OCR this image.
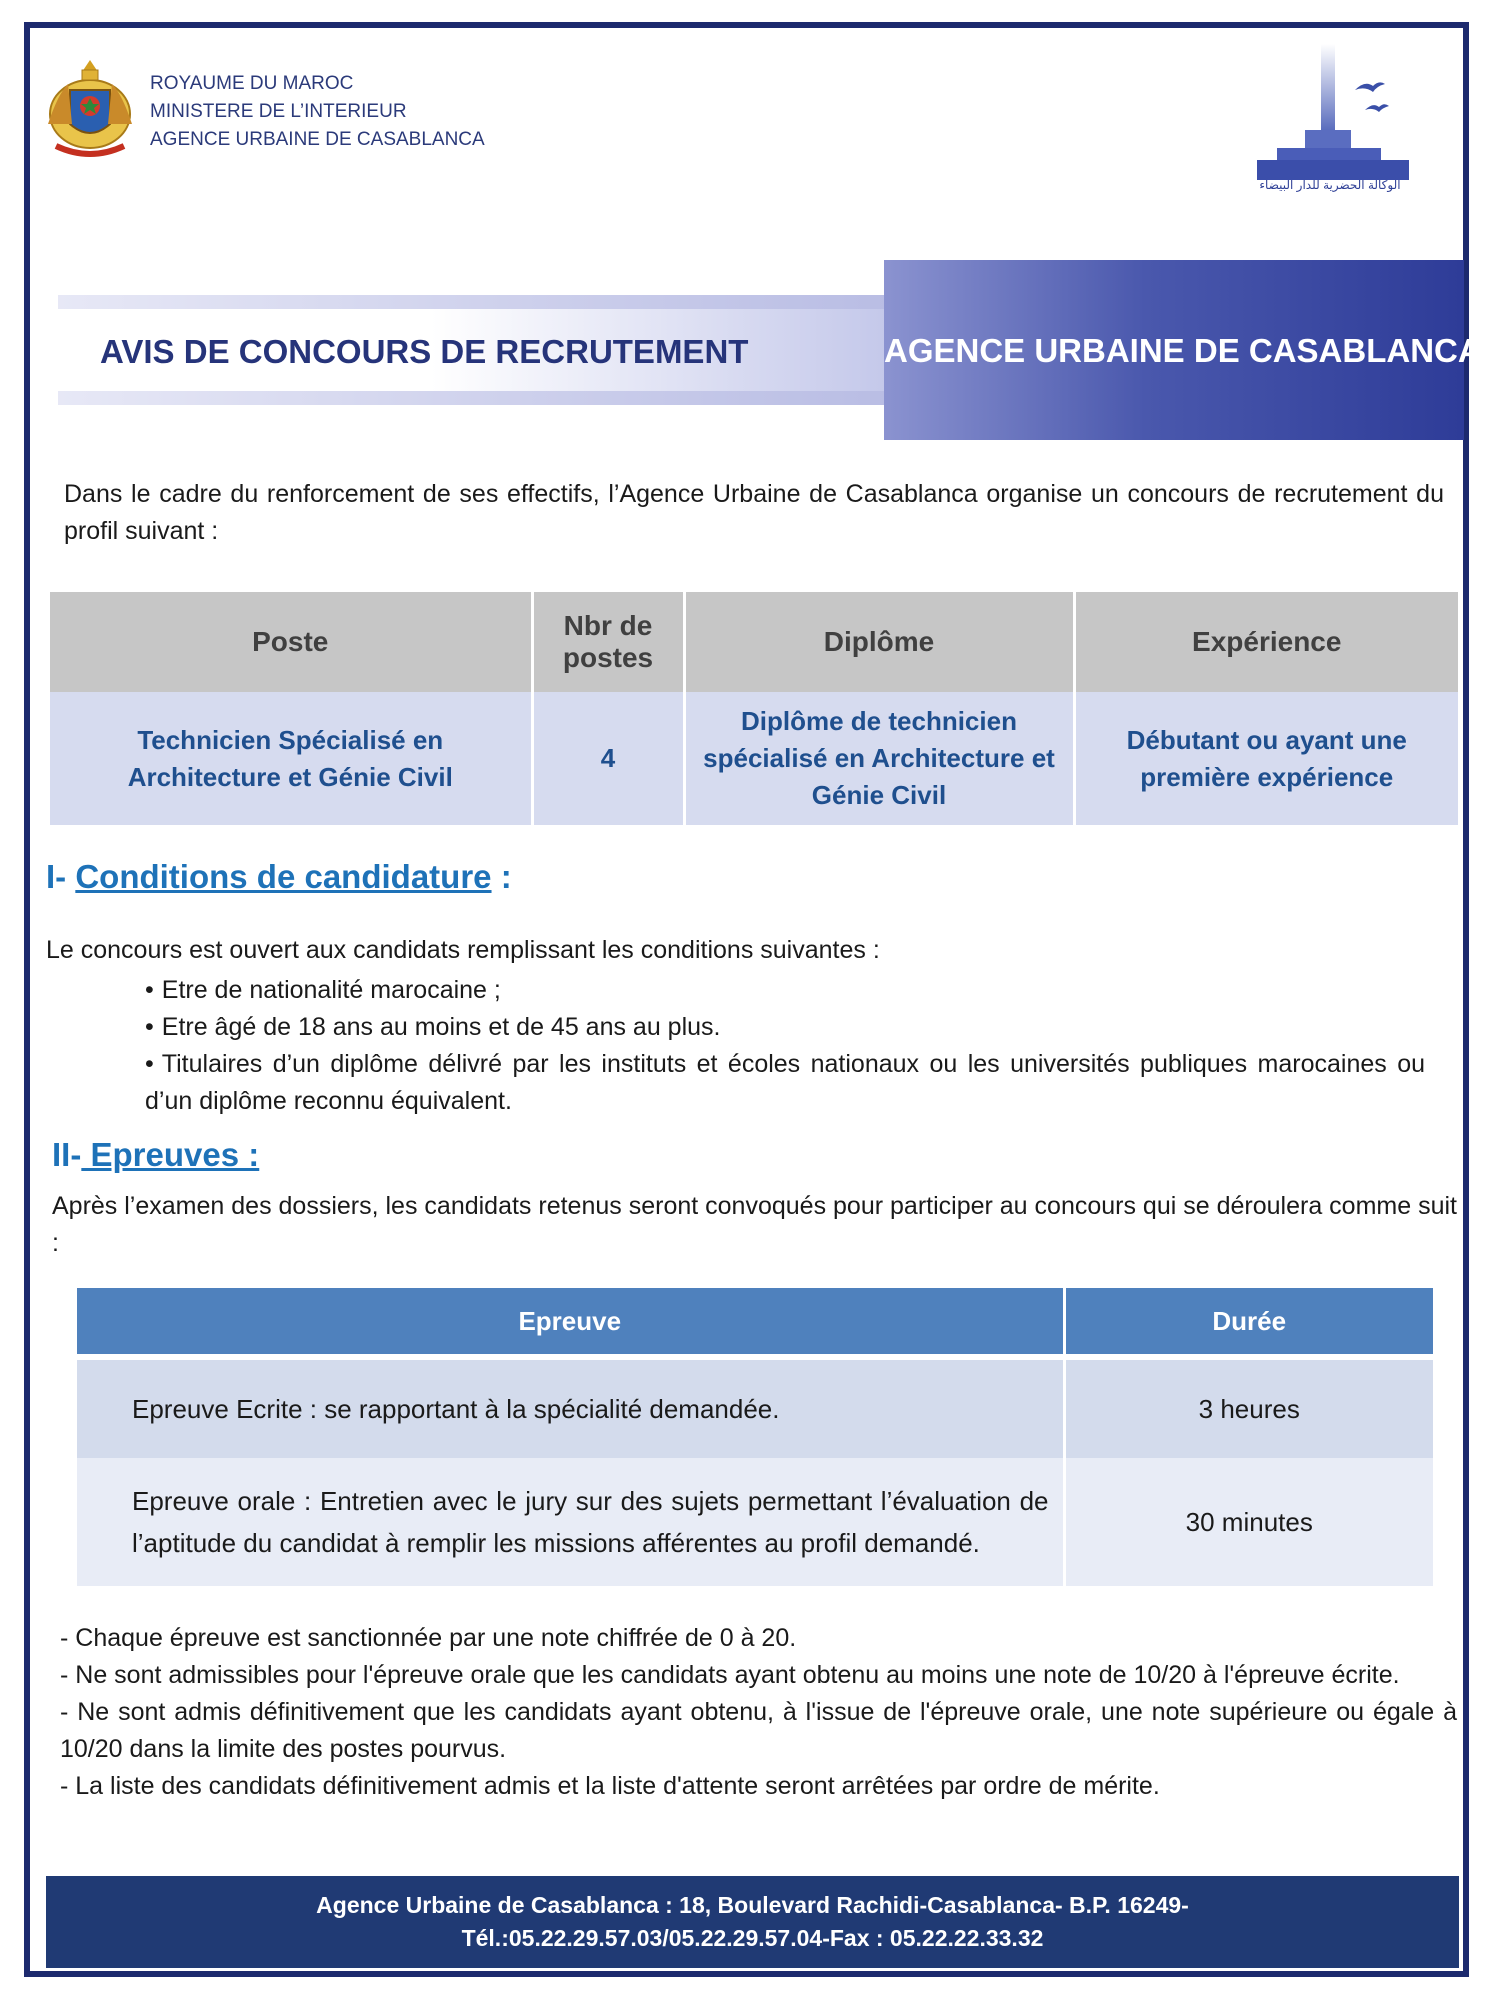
ROYAUME DU MAROC
MINISTERE DE L’INTERIEUR
AGENCE URBAINE DE CASABLANCA
الوكالة الحضرية للدار البيضاء
AVIS DE CONCOURS DE RECRUTEMENT	AGENCE URBAINE DE CASABLANCA
Dans le cadre du renforcement de ses effectifs, l’Agence Urbaine de Casablanca organise un concours de recrutement du profil suivant :
Poste	Nbr de postes	Diplôme	Expérience
Technicien Spécialisé en Architecture et Génie Civil	4	Diplôme de technicien spécialisé en Architecture et Génie Civil	Débutant ou ayant une première expérience
I- Conditions de candidature :
Le concours est ouvert aux candidats remplissant les conditions suivantes :
• Etre de nationalité marocaine ;
• Etre âgé de 18 ans au moins et de 45 ans au plus.
• Titulaires d’un diplôme délivré par les instituts et écoles nationaux ou les universités publiques marocaines ou d’un diplôme reconnu équivalent.
II- Epreuves :
Après l’examen des dossiers, les candidats retenus seront convoqués pour participer au concours qui se déroulera comme suit :
Epreuve	Durée
Epreuve Ecrite : se rapportant à la spécialité demandée.	3 heures
Epreuve orale : Entretien avec le jury sur des sujets permettant l’évaluation de l’aptitude du candidat à remplir les missions afférentes au profil demandé.	30 minutes

- Chaque épreuve est sanctionnée par une note chiffrée de 0 à 20.

- Ne sont admissibles pour l'épreuve orale que les candidats ayant obtenu au moins une note de 10/20 à l'épreuve écrite.

- Ne sont admis définitivement que les candidats ayant obtenu, à l'issue de l'épreuve orale, une note supérieure ou égale à 10/20 dans la limite des postes pourvus.

- La liste des candidats définitivement admis et la liste d'attente seront arrêtées par ordre de mérite.

Agence Urbaine de Casablanca : 18, Boulevard Rachidi-Casablanca- B.P. 16249-
Tél.:05.22.29.57.03/05.22.29.57.04-Fax : 05.22.22.33.32
